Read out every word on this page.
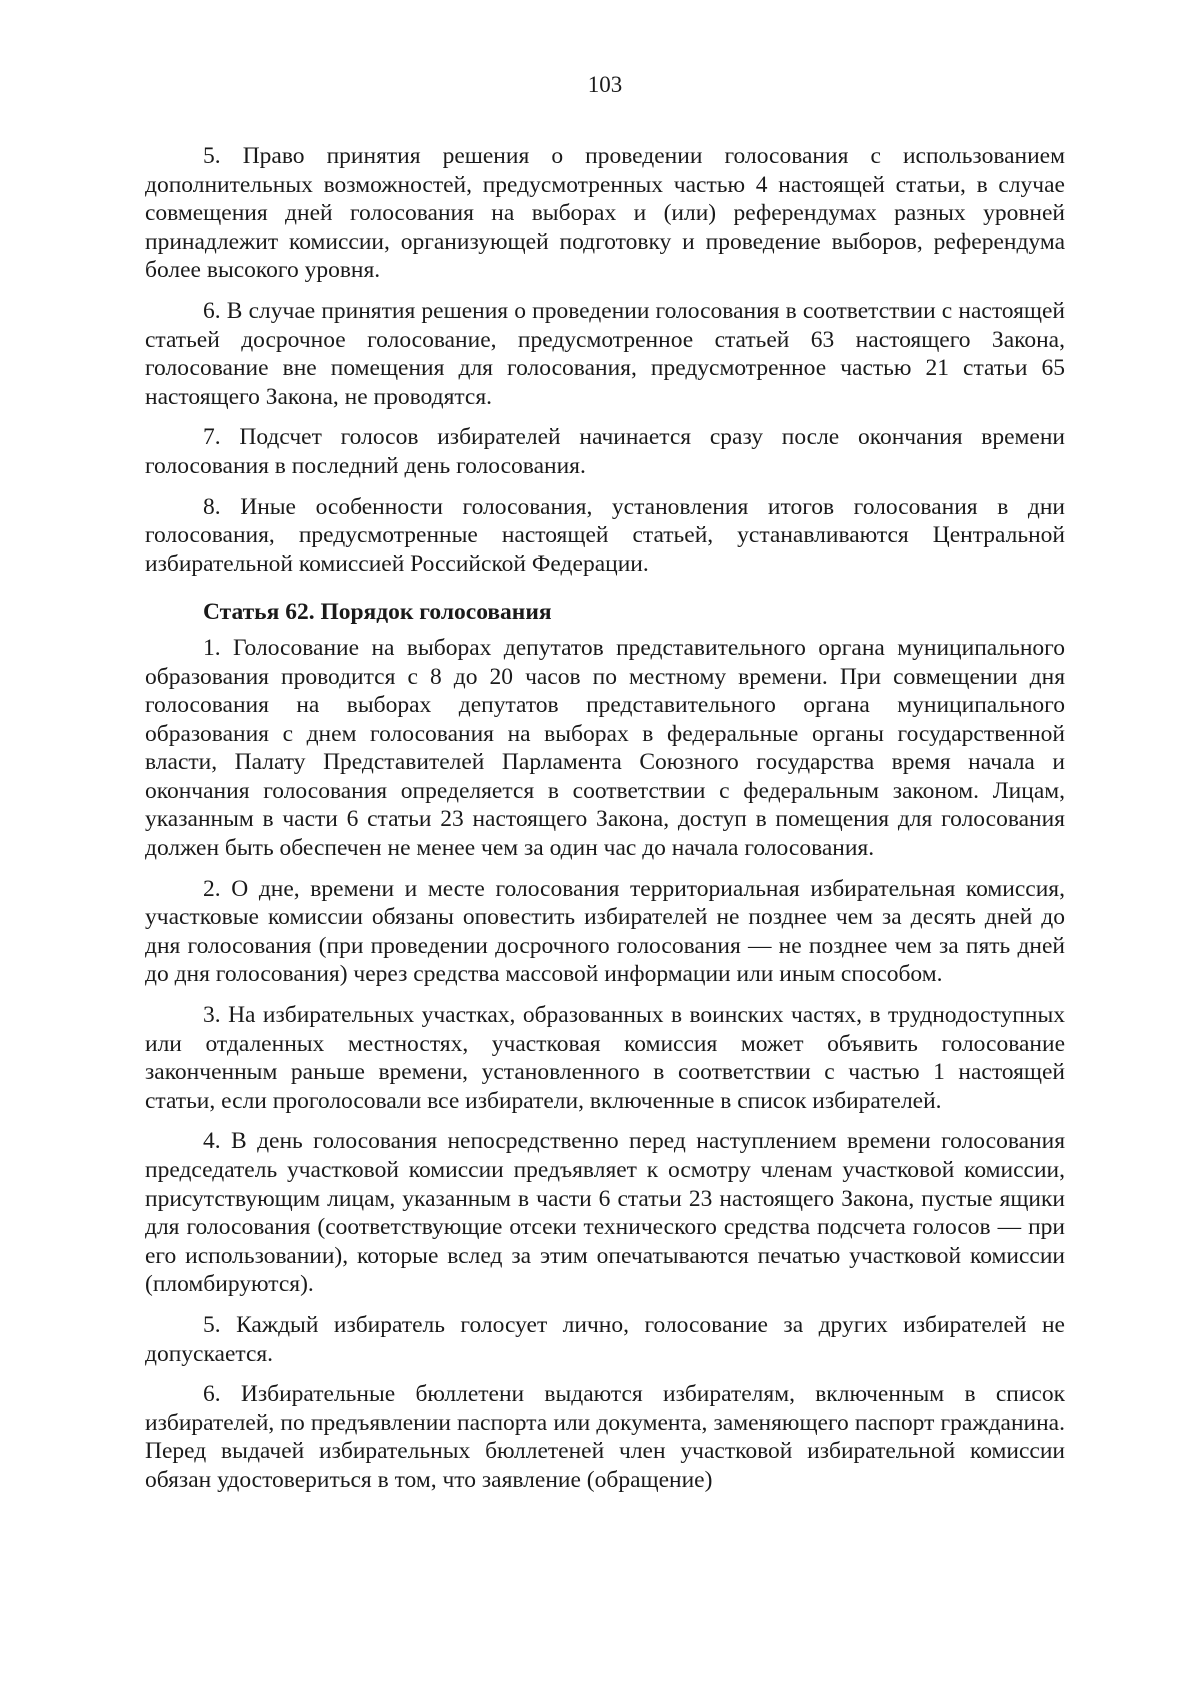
103

5. Право принятия решения о проведении голосования с использованием дополнительных возможностей, предусмотренных частью 4 настоящей статьи, в случае совмещения дней голосования на выборах и (или) референдумах разных уровней принадлежит комиссии, организующей подготовку и проведение выборов, референдума более высокого уровня.

6. В случае принятия решения о проведении голосования в соответствии с настоящей статьей досрочное голосование, предусмотренное статьей 63 настоящего Закона, голосование вне помещения для голосования, предусмотренное частью 21 статьи 65 настоящего Закона, не проводятся.

7. Подсчет голосов избирателей начинается сразу после окончания времени голосования в последний день голосования.

8. Иные особенности голосования, установления итогов голосования в дни голосования, предусмотренные настоящей статьей, устанавливаются Центральной избирательной комиссией Российской Федерации.

Статья 62. Порядок голосования

1. Голосование на выборах депутатов представительного органа муниципального образования проводится с 8 до 20 часов по местному времени. При совмещении дня голосования на выборах депутатов представительного органа муниципального образования с днем голосования на выборах в федеральные органы государственной власти, Палату Представителей Парламента Союзного государства время начала и окончания голосования определяется в соответствии с федеральным законом. Лицам, указанным в части 6 статьи 23 настоящего Закона, доступ в помещения для голосования должен быть обеспечен не менее чем за один час до начала голосования.

2. О дне, времени и месте голосования территориальная избирательная комиссия, участковые комиссии обязаны оповестить избирателей не позднее чем за десять дней до дня голосования (при проведении досрочного голосования — не позднее чем за пять дней до дня голосования) через средства массовой информации или иным способом.

3. На избирательных участках, образованных в воинских частях, в труднодоступных или отдаленных местностях, участковая комиссия может объявить голосование законченным раньше времени, установленного в соответствии с частью 1 настоящей статьи, если проголосовали все избиратели, включенные в список избирателей.

4. В день голосования непосредственно перед наступлением времени голосования председатель участковой комиссии предъявляет к осмотру членам участковой комиссии, присутствующим лицам, указанным в части 6 статьи 23 настоящего Закона, пустые ящики для голосования (соответствующие отсеки технического средства подсчета голосов — при его использовании), которые вслед за этим опечатываются печатью участковой комиссии (пломбируются).

5. Каждый избиратель голосует лично, голосование за других избирателей не допускается.

6. Избирательные бюллетени выдаются избирателям, включенным в список избирателей, по предъявлении паспорта или документа, заменяющего паспорт гражданина. Перед выдачей избирательных бюллетеней член участковой избирательной комиссии обязан удостовериться в том, что заявление (обращение)
